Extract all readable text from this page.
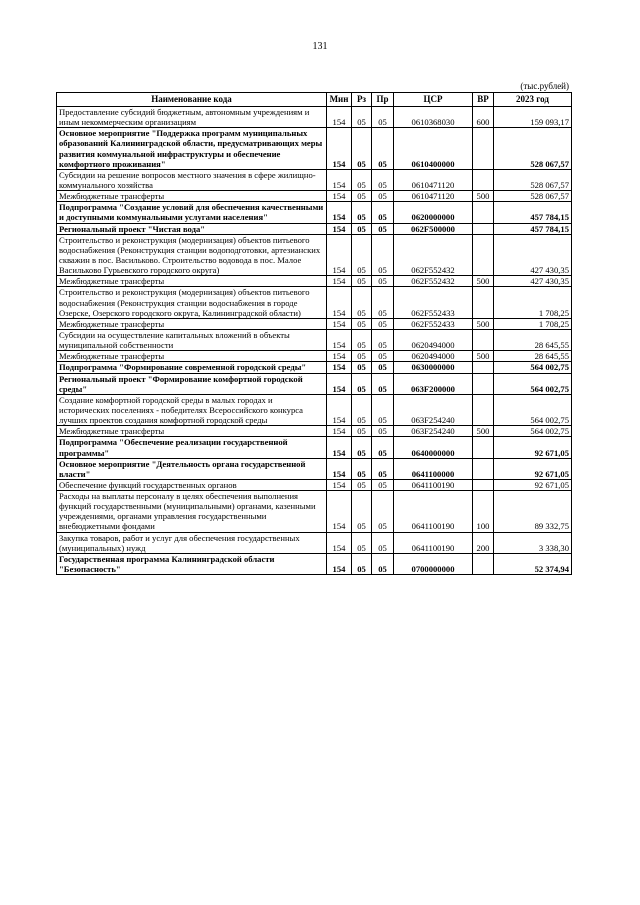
131
(тыс.рублей)
Наименование кода	Мин	Рз	Пр	ЦСР	ВР	2023 год
Предоставление субсидий бюджетным, автономным учреждениям и иным некоммерческим организациям	154	05	05	0610368030	600	159 093,17
Основное мероприятие "Поддержка программ муниципальных образований Калининградской области, предусматривающих меры развития коммунальной инфраструктуры и обеспечение комфортного проживания"	154	05	05	0610400000		528 067,57
Субсидии на решение вопросов местного значения в сфере жилищно-коммунального хозяйства	154	05	05	0610471120		528 067,57
Межбюджетные трансферты	154	05	05	0610471120	500	528 067,57
Подпрограмма "Создание условий для обеспечения качественными и доступными коммунальными услугами населения"	154	05	05	0620000000		457 784,15
Региональный проект "Чистая вода"	154	05	05	062F500000		457 784,15
Строительство и реконструкция (модернизация) объектов питьевого водоснабжения (Реконструкция станции водоподготовки, артезианских скважин в пос. Васильково. Строительство водовода в пос. Малое Васильково Гурьевского городского округа)	154	05	05	062F552432		427 430,35
Межбюджетные трансферты	154	05	05	062F552432	500	427 430,35
Строительство и реконструкция (модернизация) объектов питьевого водоснабжения (Реконструкция станции водоснабжения в городе Озерске, Озерского городского округа, Калининградской области)	154	05	05	062F552433		1 708,25
Межбюджетные трансферты	154	05	05	062F552433	500	1 708,25
Субсидии на осуществление капитальных вложений в объекты муниципальной собственности	154	05	05	0620494000		28 645,55
Межбюджетные трансферты	154	05	05	0620494000	500	28 645,55
Подпрограмма "Формирование современной городской среды"	154	05	05	0630000000		564 002,75
Региональный проект "Формирование комфортной городской среды"	154	05	05	063F200000		564 002,75
Создание комфортной городской среды в малых городах и исторических поселениях - победителях Всероссийского конкурса лучших проектов создания комфортной городской среды	154	05	05	063F254240		564 002,75
Межбюджетные трансферты	154	05	05	063F254240	500	564 002,75
Подпрограмма "Обеспечение реализации государственной программы"	154	05	05	0640000000		92 671,05
Основное мероприятие "Деятельность органа государственной власти"	154	05	05	0641100000		92 671,05
Обеспечение функций государственных органов	154	05	05	0641100190		92 671,05
Расходы на выплаты персоналу в целях обеспечения выполнения функций государственными (муниципальными) органами, казенными учреждениями, органами управления государственными внебюджетными фондами	154	05	05	0641100190	100	89 332,75
Закупка товаров, работ и услуг для обеспечения государственных (муниципальных) нужд	154	05	05	0641100190	200	3 338,30
Государственная программа Калининградской области "Безопасность"	154	05	05	0700000000		52 374,94
